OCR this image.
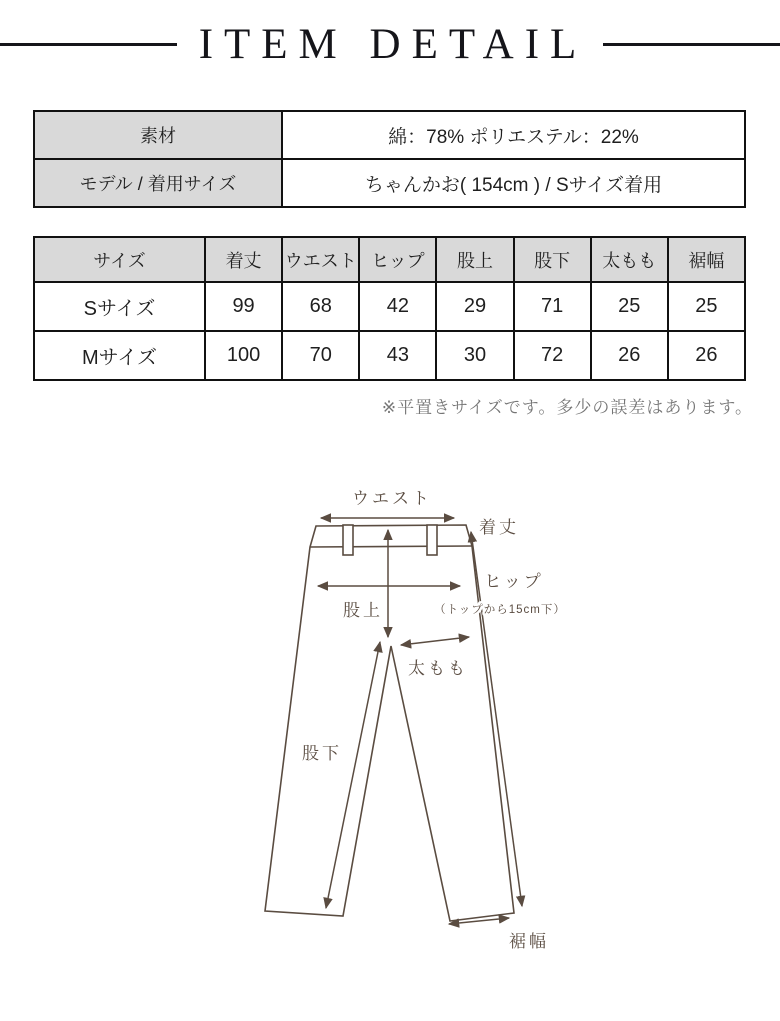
ITEM DETAIL
素材	綿：78% ポリエステル：22%
モデル / 着用サイズ	ちゃんかお( 154cm ) / Sサイズ着用
サイズ	着丈	ウエスト	ヒップ	股上	股下	太もも	裾幅
Sサイズ	99	68	42	29	71	25	25
Mサイズ	100	70	43	30	72	26	26
※平置きサイズです。多少の誤差はあります。
ウエスト
着丈
ヒップ
（トップから15cm下）
股上
太もも
股下
裾幅
